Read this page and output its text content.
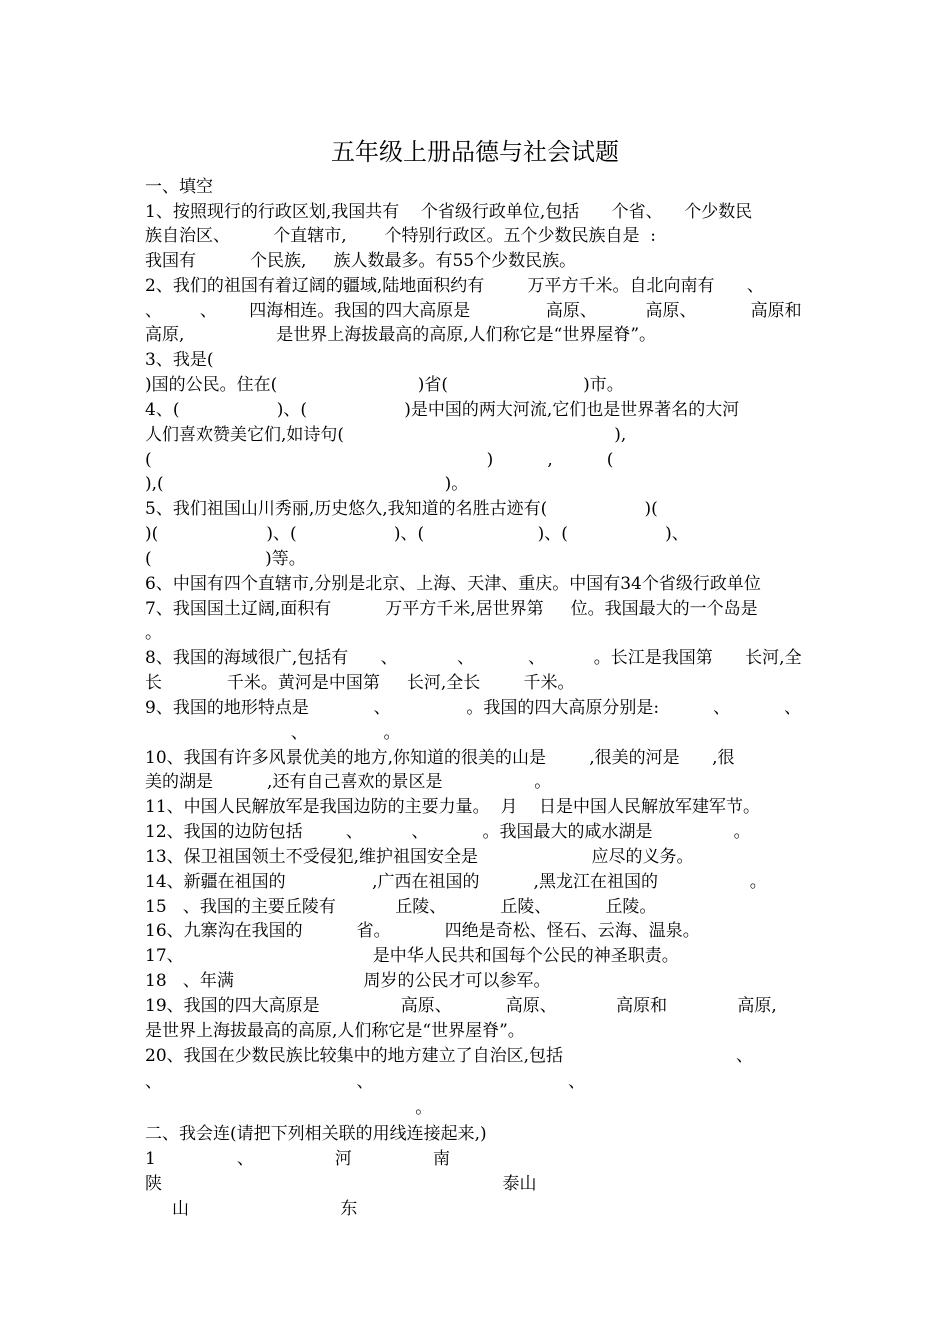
五年级上册品德与社会试题
一、填空
1、按照现行的行政区划,我国共有    个省级行政单位,包括      个省、    个少数民
族自治区、        个直辖市,       个特别行政区。五个少数民族自是  :
我国有          个民族,     族人数最多。有55个少数民族。
2、我们的祖国有着辽阔的疆域,陆地面积约有        万平方千米。自北向南有      、
、       、      四海相连。我国的四大高原是              高原、         高原、          高原和
高原,                 是世界上海拔最高的高原,人们称它是“世界屋脊”。
3、我是(
)国的公民。住在(                          )省(                         )市。
4、(                  )、(                  )是中国的两大河流,它们也是世界著名的大河
人们喜欢赞美它们,如诗句(                                                  ),
(                                                              )          ,          (
),(                                                    )。
5、我们祖国山川秀丽,历史悠久,我知道的名胜古迹有(                  )(
)(                    )、(                  )、(                     )、(                  )、
(                     )等。
6、中国有四个直辖市,分别是北京、上海、天津、重庆。中国有34个省级行政单位
7、我国国土辽阔,面积有          万平方千米,居世界第     位。我国最大的一个岛是
。
8、我国的海域很广,包括有      、           、          、         。长江是我国第      长河,全
长            千米。黄河是中国第     长河,全长        千米。
9、我国的地形特点是            、              。我国的四大高原分别是:          、          、
、              。
10、我国有许多风景优美的地方,你知道的很美的山是        ,很美的河是      ,很
美的湖是          ,还有自己喜欢的景区是                 。
11、中国人民解放军是我国边防的主要力量。  月    日是中国人民解放军建军节。
12、我国的边防包括        、         、          。我国最大的咸水湖是               。
13、保卫祖国领土不受侵犯,维护祖国安全是                     应尽的义务。
14、新疆在祖国的                ,广西在祖国的          ,黑龙江在祖国的                 。
15   、我国的主要丘陵有           丘陵、          丘陵、          丘陵。
16、九寨沟在我国的          省。          四绝是奇松、怪石、云海、温泉。
17、                                   是中华人民共和国每个公民的神圣职责。
18   、年满                        周岁的公民才可以参军。
19、我国的四大高原是               高原、          高原、           高原和             高原,
是世界上海拔最高的高原,人们称它是“世界屋脊”。
20、我国在少数民族比较集中的地方建立了自治区,包括                                、
、                                    、                                    、
。
二、我会连(请把下列相关联的用线连接起来,)
1               、               河               南
陕                                                               泰山
山                            东
